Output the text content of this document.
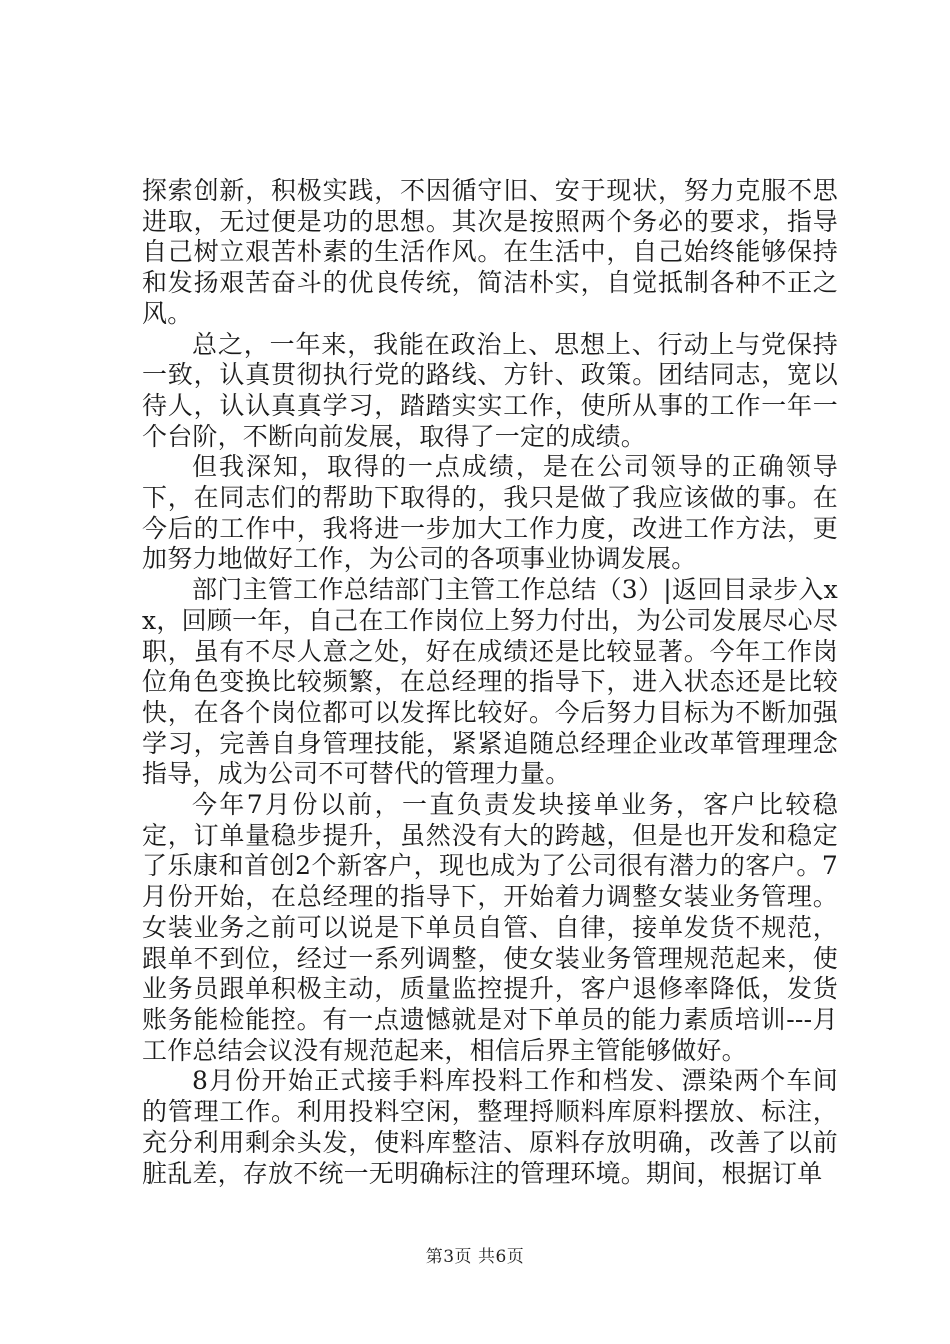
探索创新，积极实践，不因循守旧、安于现状，努力克服不思进取，无过便是功的思想。其次是按照两个务必的要求，指导自己树立艰苦朴素的生活作风。在生活中，自己始终能够保持和发扬艰苦奋斗的优良传统，简洁朴实，自觉抵制各种不正之风。

总之，一年来，我能在政治上、思想上、行动上与党保持一致，认真贯彻执行党的路线、方针、政策。团结同志，宽以待人，认认真真学习，踏踏实实工作，使所从事的工作一年一个台阶，不断向前发展，取得了一定的成绩。

但我深知，取得的一点成绩，是在公司领导的正确领导下，在同志们的帮助下取得的，我只是做了我应该做的事。在今后的工作中，我将进一步加大工作力度，改进工作方法，更加努力地做好工作，为公司的各项事业协调发展。

部门主管工作总结部门主管工作总结（3）|返回目录步入xx，回顾一年，自己在工作岗位上努力付出，为公司发展尽心尽职，虽有不尽人意之处，好在成绩还是比较显著。今年工作岗位角色变换比较频繁，在总经理的指导下，进入状态还是比较快，在各个岗位都可以发挥比较好。今后努力目标为不断加强学习，完善自身管理技能，紧紧追随总经理企业改革管理理念指导，成为公司不可替代的管理力量。

今年7月份以前，一直负责发块接单业务，客户比较稳定，订单量稳步提升，虽然没有大的跨越，但是也开发和稳定了乐康和首创2个新客户，现也成为了公司很有潜力的客户。7月份开始，在总经理的指导下，开始着力调整女装业务管理。女装业务之前可以说是下单员自管、自律，接单发货不规范，跟单不到位，经过一系列调整，使女装业务管理规范起来，使业务员跟单积极主动，质量监控提升，客户退修率降低，发货账务能检能控。有一点遗憾就是对下单员的能力素质培训---月工作总结会议没有规范起来，相信后界主管能够做好。

8月份开始正式接手料库投料工作和档发、漂染两个车间的管理工作。利用投料空闲，整理捋顺料库原料摆放、标注，充分利用剩余头发，使料库整洁、原料存放明确，改善了以前脏乱差，存放不统一无明确标注的管理环境。期间，根据订单

第3页 共6页
